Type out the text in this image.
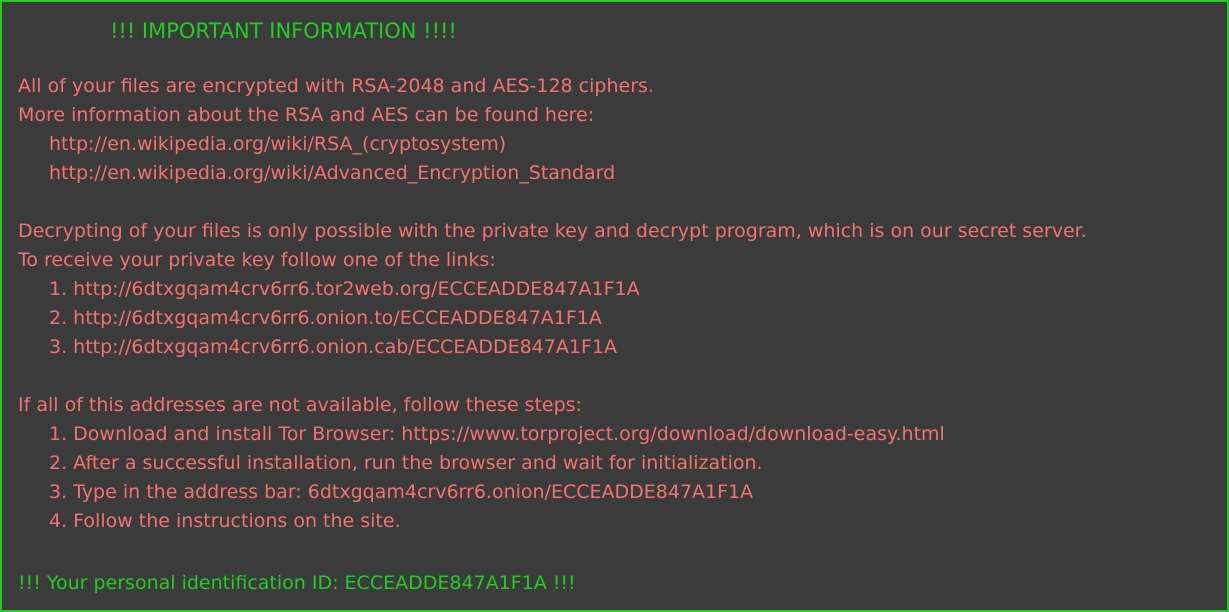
!!! IMPORTANT INFORMATION !!!!
All of your files are encrypted with RSA-2048 and AES-128 ciphers.
More information about the RSA and AES can be found here:
http://en.wikipedia.org/wiki/RSA_(cryptosystem)
http://en.wikipedia.org/wiki/Advanced_Encryption_Standard
Decrypting of your files is only possible with the private key and decrypt program, which is on our secret server.
To receive your private key follow one of the links:
1. http://6dtxgqam4crv6rr6.tor2web.org/ECCEADDE847A1F1A
2. http://6dtxgqam4crv6rr6.onion.to/ECCEADDE847A1F1A
3. http://6dtxgqam4crv6rr6.onion.cab/ECCEADDE847A1F1A
If all of this addresses are not available, follow these steps:
1. Download and install Tor Browser: https://www.torproject.org/download/download-easy.html
2. After a successful installation, run the browser and wait for initialization.
3. Type in the address bar: 6dtxgqam4crv6rr6.onion/ECCEADDE847A1F1A
4. Follow the instructions on the site.
!!! Your personal identification ID: ECCEADDE847A1F1A !!!
